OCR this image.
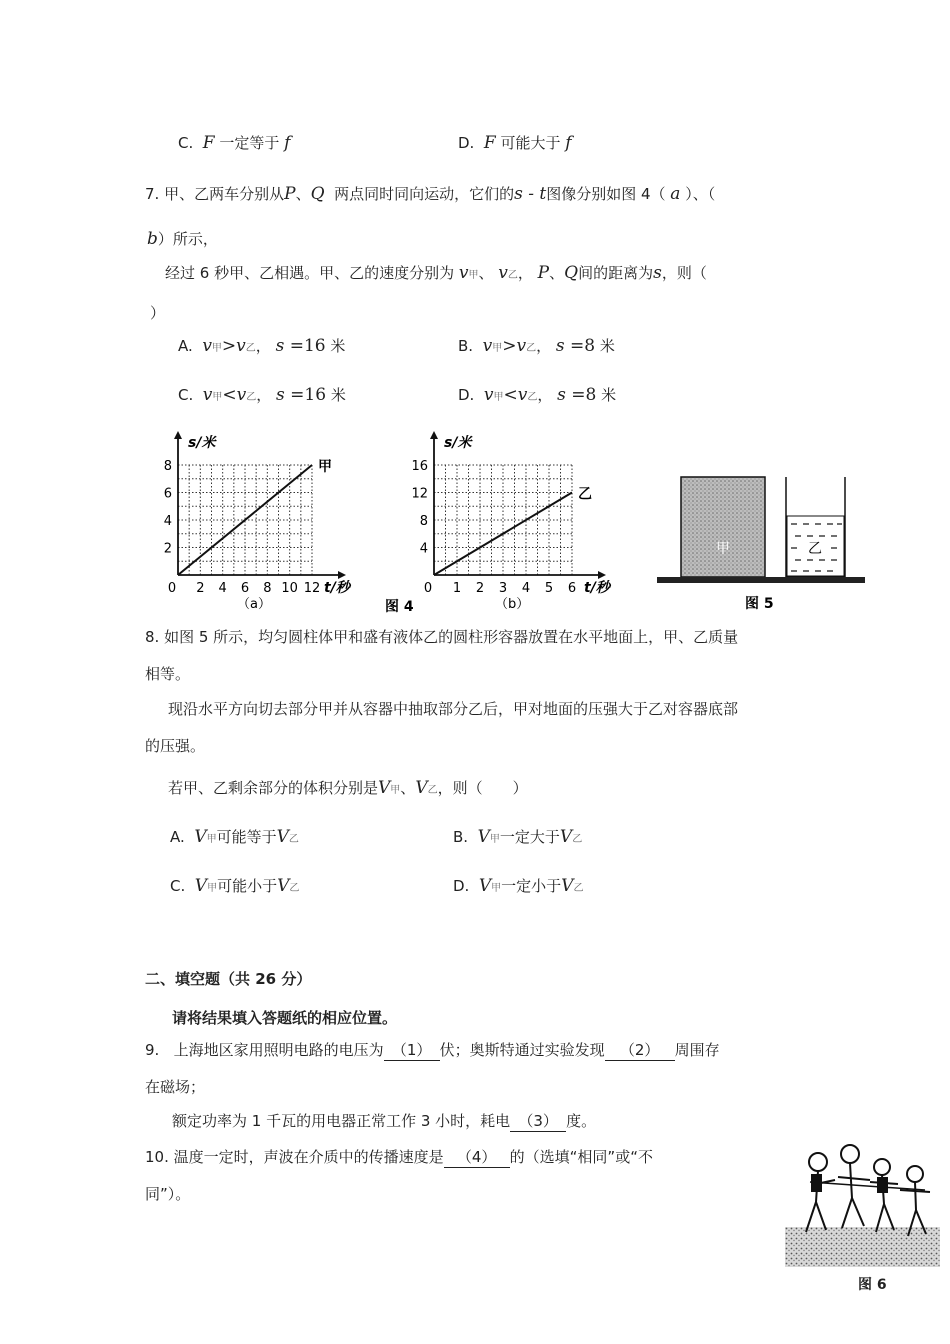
C. F 一定等于 f	D. F 可能大于 f
7. 甲、乙两车分别从P、Q 两点同时同向运动，它们的s - t图像分别如图 4（ a ）、（
b）所示，
经过 6 秒甲、乙相遇。甲、乙的速度分别为 v甲、 v乙， P、Q间的距离为s，则（
）
A. v甲>v乙， s =16 米	B. v甲>v乙， s =8 米
C. v甲<v乙， s =16 米	D. v甲<v乙， s =8 米
2
4
6
8
0 2 4 6 8 10 12
s/米
t/秒
甲
（a）
4
8
12
16
0 1 2 3 4 5 6
s/米
t/秒
乙
（b）
图 4
甲	乙
图 5
8. 如图 5 所示，均匀圆柱体甲和盛有液体乙的圆柱形容器放置在水平地面上，甲、乙质量
相等。
现沿水平方向切去部分甲并从容器中抽取部分乙后，甲对地面的压强大于乙对容器底部
的压强。
若甲、乙剩余部分的体积分别是V甲、V乙，则（　　）
A. V甲可能等于V乙	B. V甲一定大于V乙
C. V甲可能小于V乙	D. V甲一定小于V乙
二、填空题（共 26 分）
请将结果填入答题纸的相应位置。
9. 上海地区家用照明电路的电压为 （1） 伏；奥斯特通过实验发现 （2） 周围存
在磁场；
额定功率为 1 千瓦的用电器正常工作 3 小时，耗电 （3） 度。
10. 温度一定时，声波在介质中的传播速度是 （4） 的（选填“相同”或“不
同”）。
图 6
